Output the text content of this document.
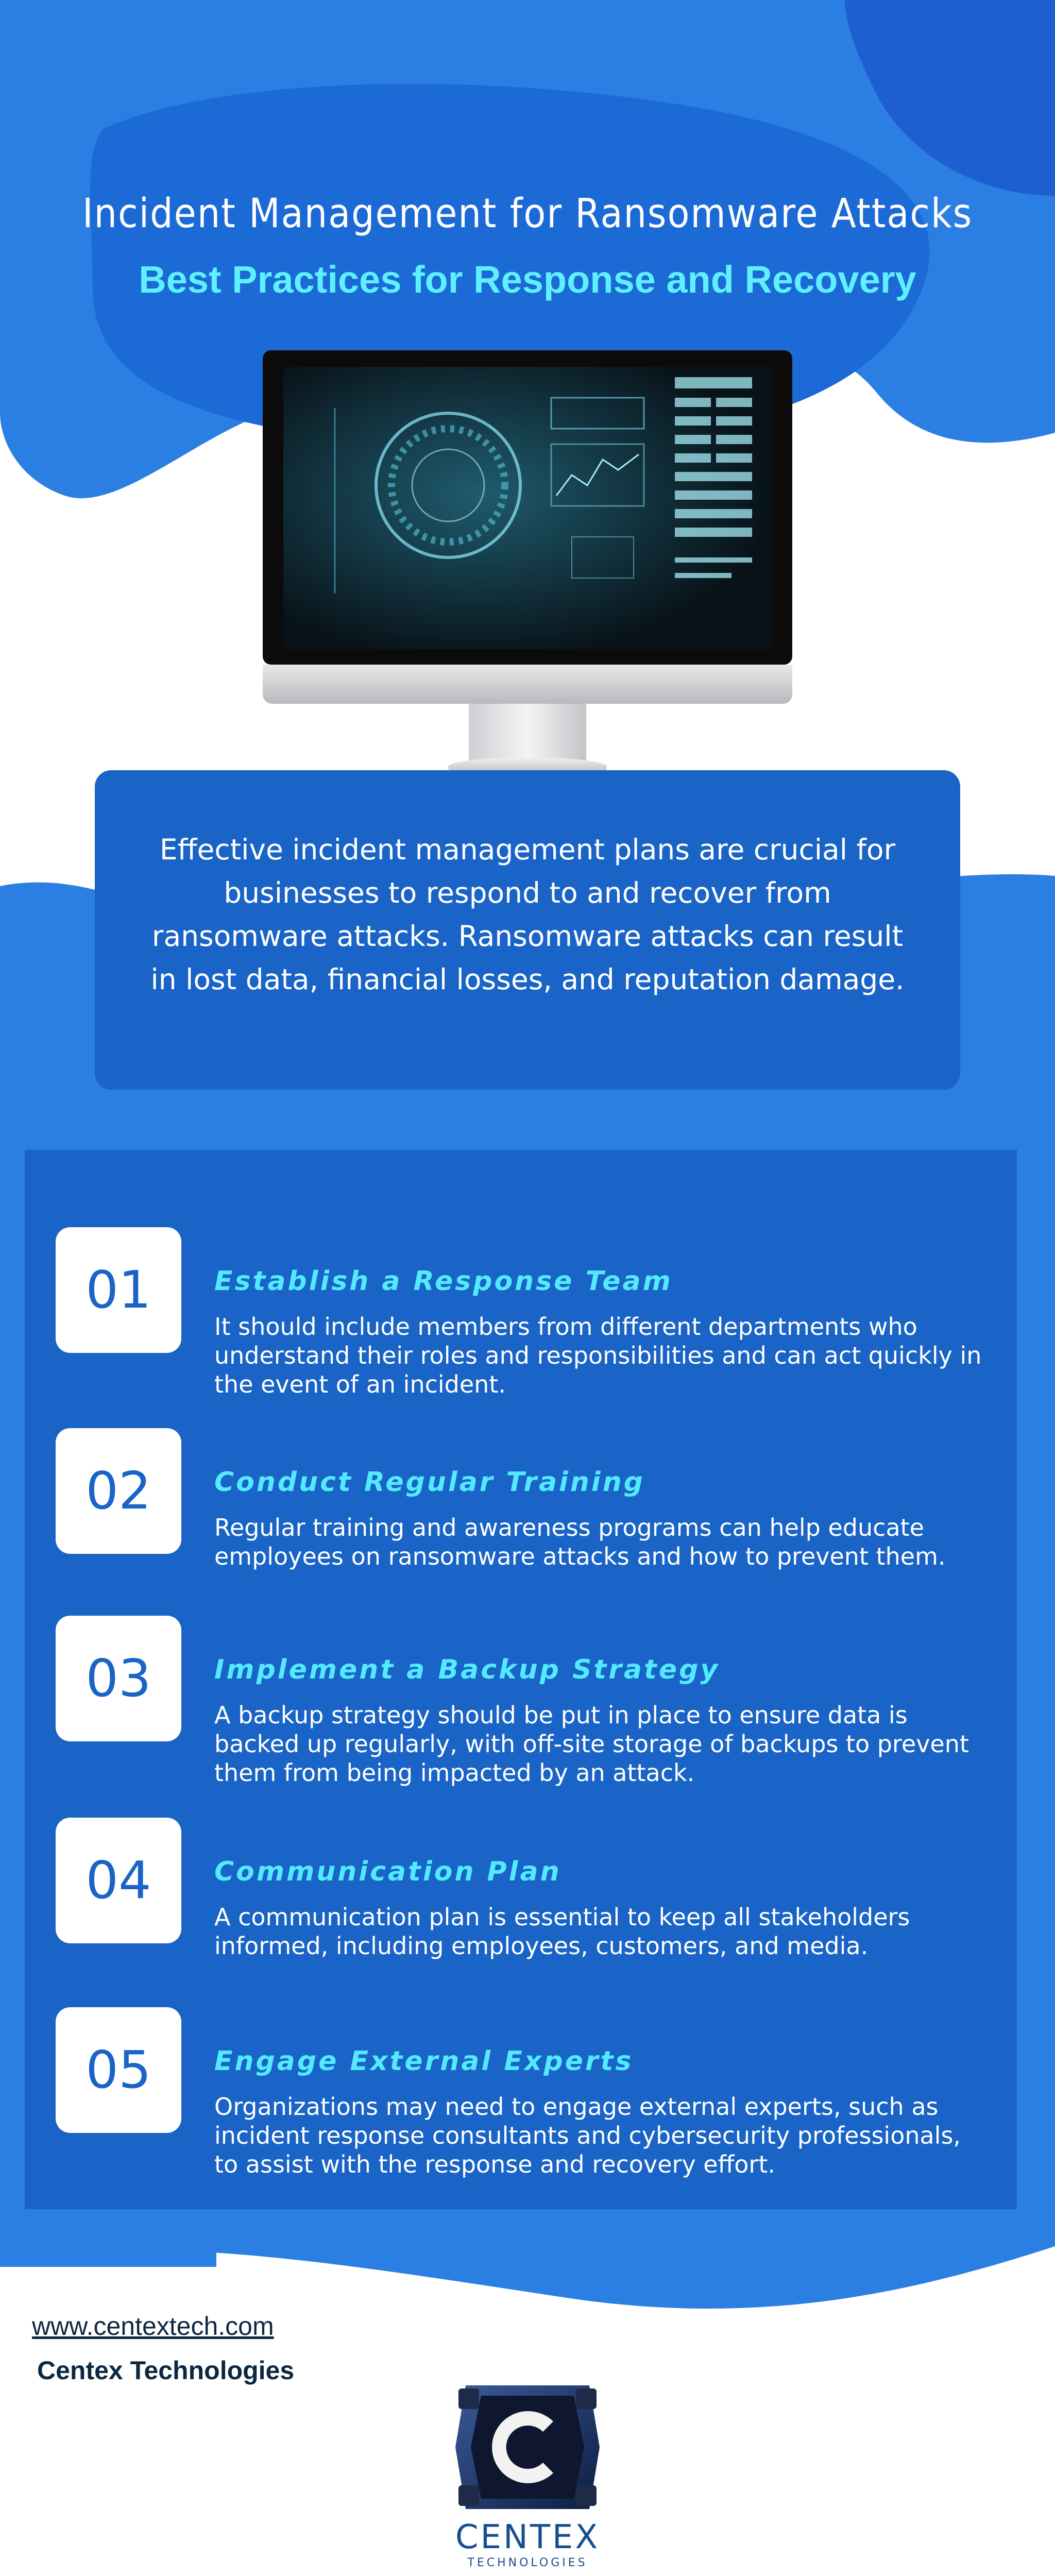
Incident Management for Ransomware Attacks
Best Practices for Response and Recovery

Effective incident management plans are crucial for businesses to respond to and recover from ransomware attacks. Ransomware attacks can result in lost data, financial losses, and reputation damage.

01	Establish a Response Team

It should include members from different departments who understand their roles and responsibilities and can act quickly in the event of an incident.

02	Conduct Regular Training

Regular training and awareness programs can help educate employees on ransomware attacks and how to prevent them.

03	Implement a Backup Strategy

A backup strategy should be put in place to ensure data is backed up regularly, with off-site storage of backups to prevent them from being impacted by an attack.

04	Communication Plan

A communication plan is essential to keep all stakeholders informed, including employees, customers, and media.

05	Engage External Experts

Organizations may need to engage external experts, such as incident response consultants and cybersecurity professionals, to assist with the response and recovery effort.

www.centextech.com

Centex Technologies

CENTEX

TECHNOLOGIES
